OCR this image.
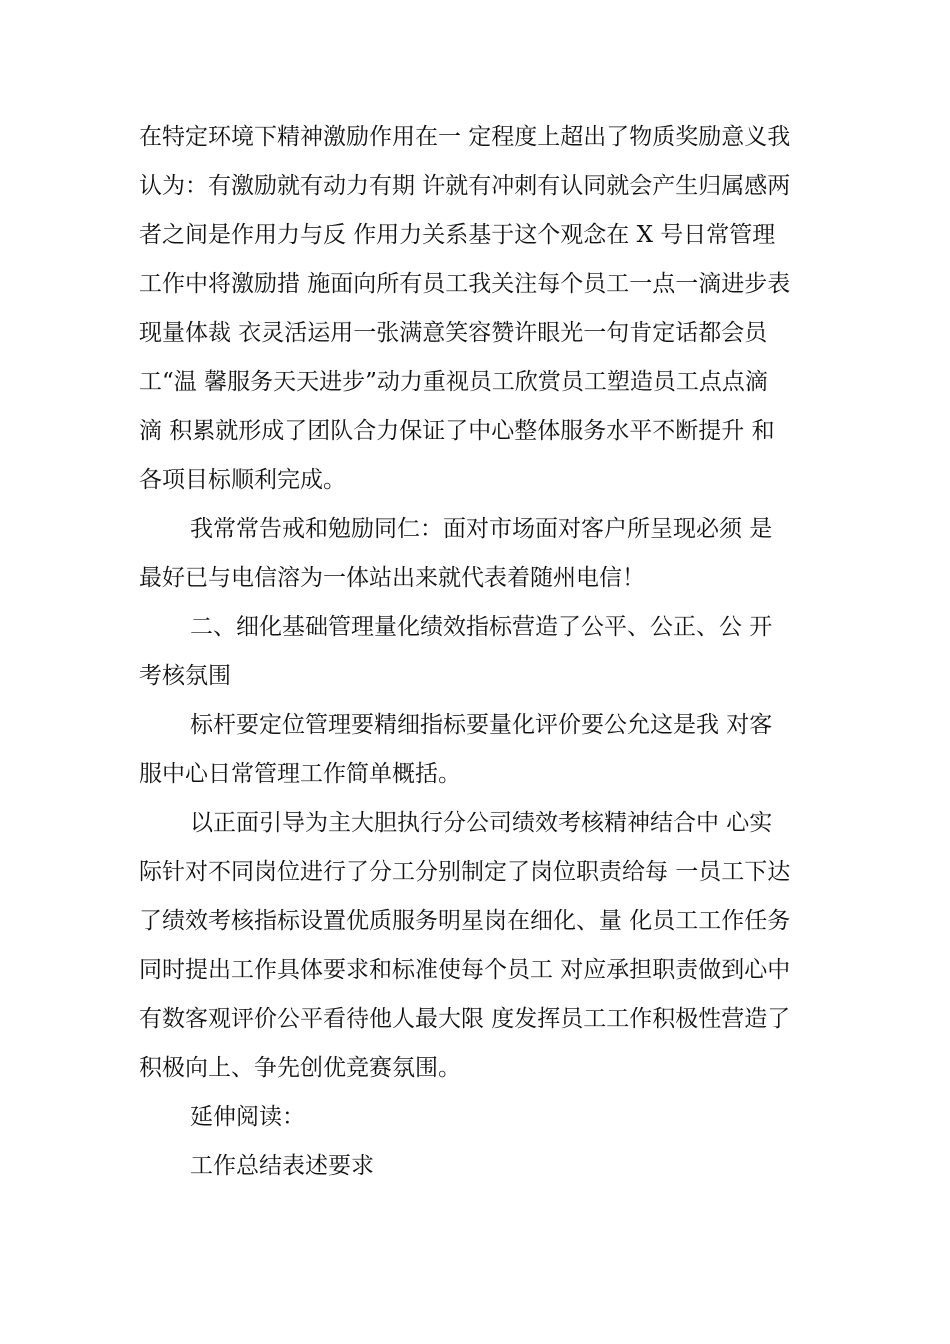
在特定环境下精神激励作用在一 定程度上超出了物质奖励意义我
认为：有激励就有动力有期 许就有冲刺有认同就会产生归属感两
者之间是作用力与反 作用力关系基于这个观念在 X 号日常管理
工作中将激励措 施面向所有员工我关注每个员工一点一滴进步表
现量体裁 衣灵活运用一张满意笑容赞许眼光一句肯定话都会员
工“温 馨服务天天进步”动力重视员工欣赏员工塑造员工点点滴
滴 积累就形成了团队合力保证了中心整体服务水平不断提升 和
各项目标顺利完成。
我常常告戒和勉励同仁：面对市场面对客户所呈现必须 是
最好已与电信溶为一体站出来就代表着随州电信！
二、细化基础管理量化绩效指标营造了公平、公正、公 开
考核氛围
标杆要定位管理要精细指标要量化评价要公允这是我 对客
服中心日常管理工作简单概括。
以正面引导为主大胆执行分公司绩效考核精神结合中 心实
际针对不同岗位进行了分工分别制定了岗位职责给每 一员工下达
了绩效考核指标设置优质服务明星岗在细化、量 化员工工作任务
同时提出工作具体要求和标准使每个员工 对应承担职责做到心中
有数客观评价公平看待他人最大限 度发挥员工工作积极性营造了
积极向上、争先创优竞赛氛围。
延伸阅读：
工作总结表述要求
